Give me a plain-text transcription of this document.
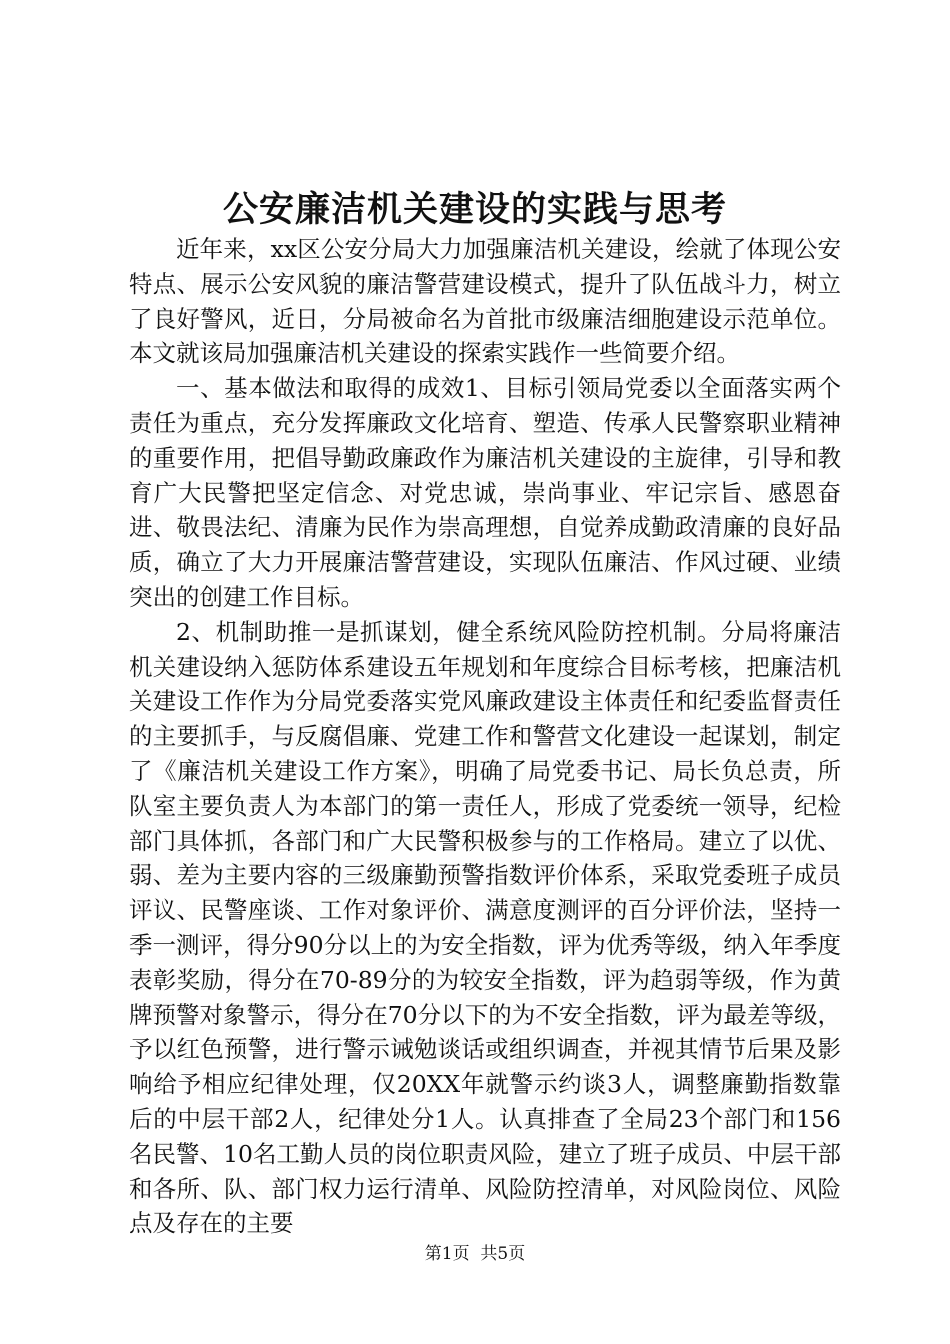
公安廉洁机关建设的实践与思考

近年来，xx区公安分局大力加强廉洁机关建设，绘就了体现公安特点、展示公安风貌的廉洁警营建设模式，提升了队伍战斗力，树立了良好警风，近日，分局被命名为首批市级廉洁细胞建设示范单位。本文就该局加强廉洁机关建设的探索实践作一些简要介绍。

一、基本做法和取得的成效1、目标引领局党委以全面落实两个责任为重点，充分发挥廉政文化培育、塑造、传承人民警察职业精神的重要作用，把倡导勤政廉政作为廉洁机关建设的主旋律，引导和教育广大民警把坚定信念、对党忠诚，崇尚事业、牢记宗旨、感恩奋进、敬畏法纪、清廉为民作为崇高理想，自觉养成勤政清廉的良好品质，确立了大力开展廉洁警营建设，实现队伍廉洁、作风过硬、业绩突出的创建工作目标。

2、机制助推一是抓谋划，健全系统风险防控机制。分局将廉洁机关建设纳入惩防体系建设五年规划和年度综合目标考核，把廉洁机关建设工作作为分局党委落实党风廉政建设主体责任和纪委监督责任的主要抓手，与反腐倡廉、党建工作和警营文化建设一起谋划，制定了《廉洁机关建设工作方案》，明确了局党委书记、局长负总责，所队室主要负责人为本部门的第一责任人，形成了党委统一领导，纪检部门具体抓，各部门和广大民警积极参与的工作格局。建立了以优、弱、差为主要内容的三级廉勤预警指数评价体系，采取党委班子成员评议、民警座谈、工作对象评价、满意度测评的百分评价法，坚持一季一测评，得分90分以上的为安全指数，评为优秀等级，纳入年季度表彰奖励，得分在70-89分的为较安全指数，评为趋弱等级，作为黄牌预警对象警示，得分在70分以下的为不安全指数，评为最差等级，予以红色预警，进行警示诫勉谈话或组织调查，并视其情节后果及影响给予相应纪律处理，仅20XX年就警示约谈3人，调整廉勤指数靠后的中层干部2人，纪律处分1人。认真排查了全局23个部门和156名民警、10名工勤人员的岗位职责风险，建立了班子成员、中层干部和各所、队、部门权力运行清单、风险防控清单，对风险岗位、风险点及存在的主要

第1页 共5页
